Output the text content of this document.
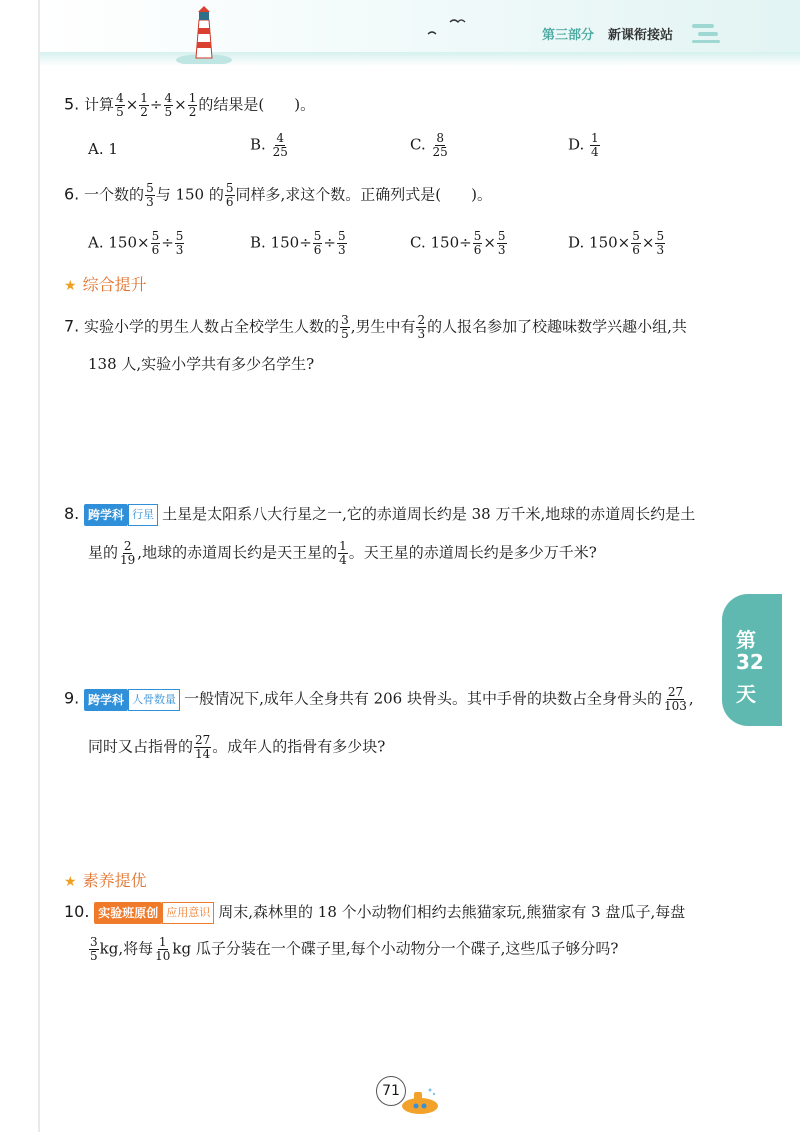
第三部分 新课衔接站
5. 计算 $\frac{4}{5} \times \frac{1}{2} \div \frac{4}{5} \times \frac{1}{2}$ 的结果是(　　)。
A. 1	B. $\frac{4}{25}$	C. $\frac{8}{25}$	D. $\frac{1}{4}$
6. 一个数的 $\frac{5}{3}$ 与 150 的 $\frac{5}{6}$ 同样多,求这个数。正确列式是(　　)。
A. $150\times \frac{5}{6} \div \frac{5}{3}$	B. $150\div \frac{5}{6} \div \frac{5}{3}$	C. $150\div \frac{5}{6} \times \frac{5}{3}$	D. $150\times \frac{5}{6} \times \frac{5}{3}$
★ 综合提升
7. 实验小学的男生人数占全校学生人数的 $\frac{3}{5}$ ,男生中有 $\frac{2}{3}$ 的人报名参加了校趣味数学兴趣小组,共
138 人,实验小学共有多少名学生?
8. 跨学科 行星 土星是太阳系八大行星之一,它的赤道周长约是 38 万千米,地球的赤道周长约是土
星的 $\frac{2}{19}$ ,地球的赤道周长约是天王星的 $\frac{1}{4}$ 。天王星的赤道周长约是多少万千米?
第
32
天
9. 跨学科 人骨数量 一般情况下,成年人全身共有 206 块骨头。其中手骨的块数占全身骨头的 $\frac{27}{103}$ ,
同时又占指骨的 $\frac{27}{14}$ 。成年人的指骨有多少块?
★ 素养提优
10. 实验班原创 应用意识 周末,森林里的 18 个小动物们相约去熊猫家玩,熊猫家有 3 盘瓜子,每盘
$\frac{3}{5}$ kg,将每 $\frac{1}{10}$ kg 瓜子分装在一个碟子里,每个小动物分一个碟子,这些瓜子够分吗?
71
